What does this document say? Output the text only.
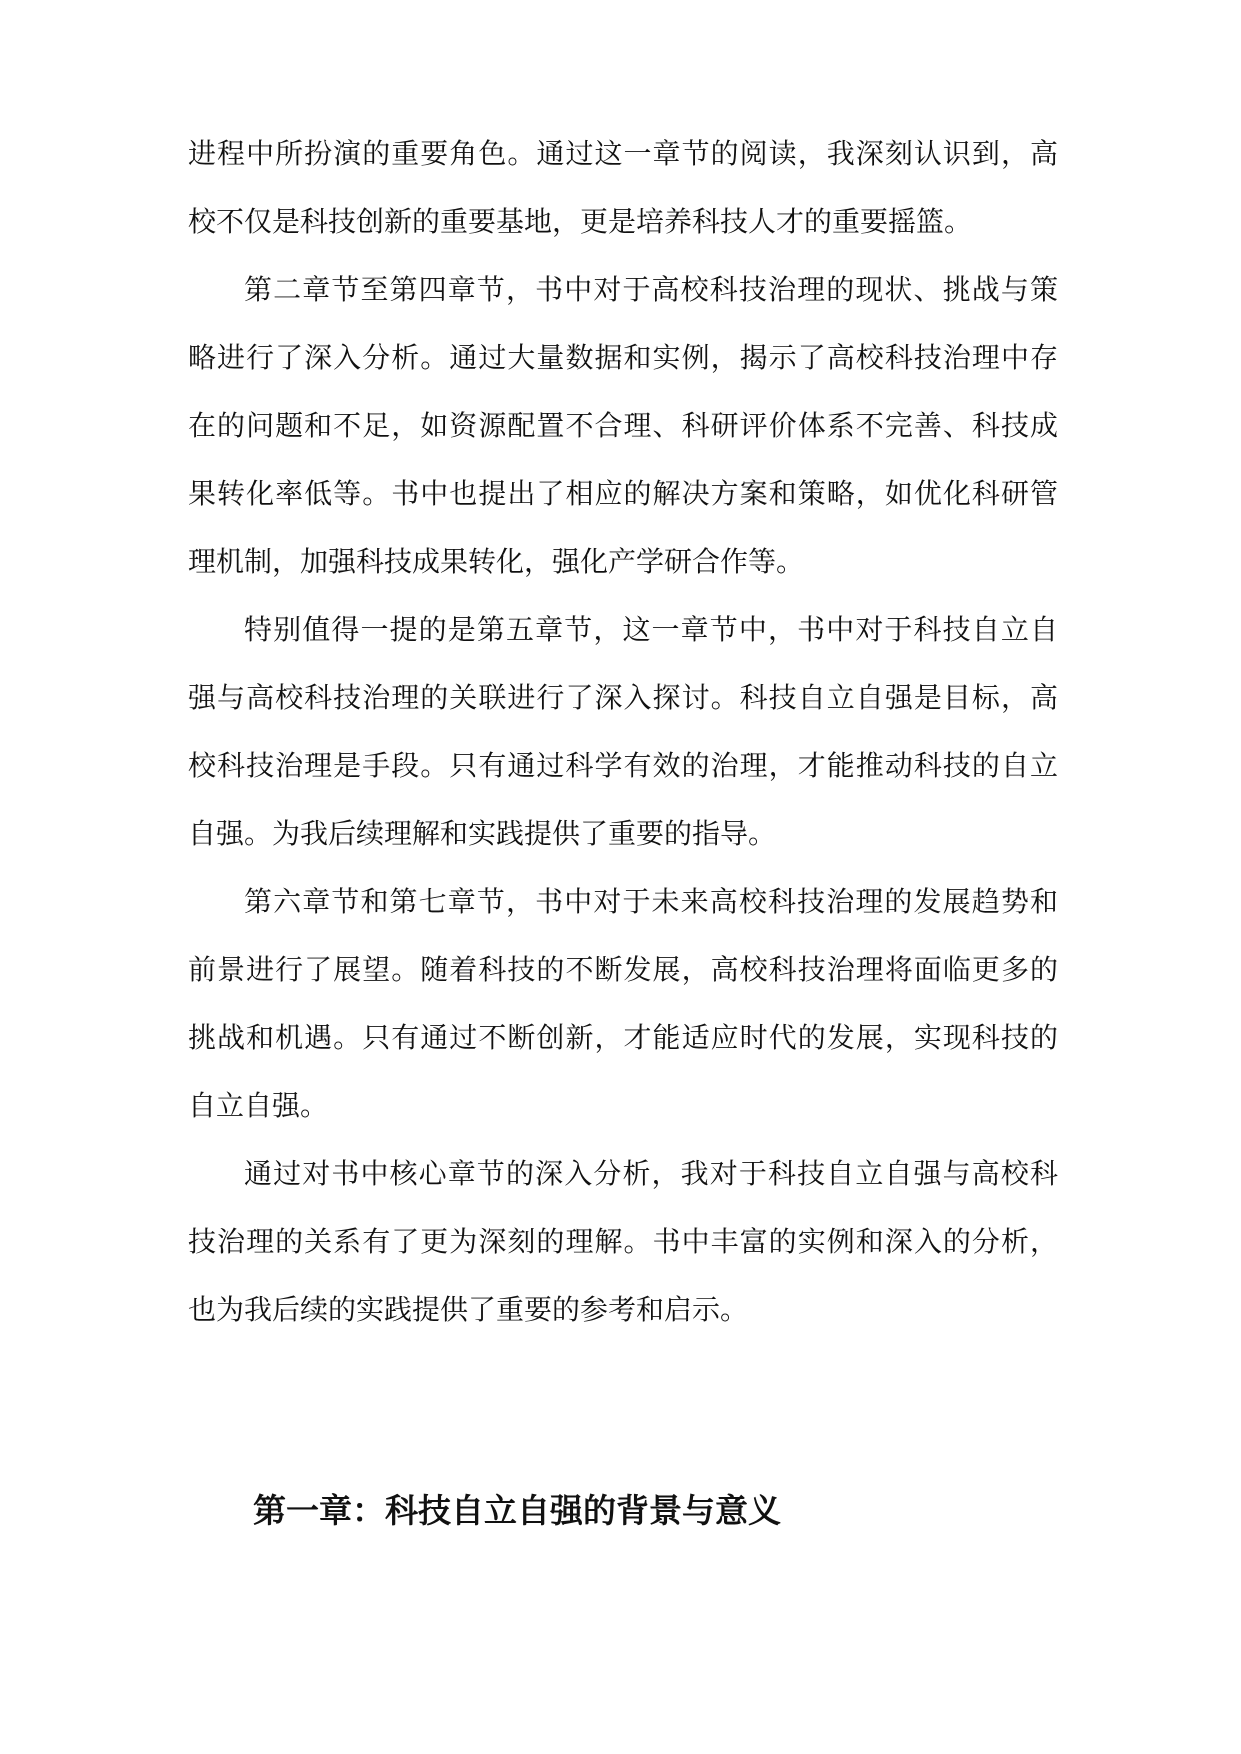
进程中所扮演的重要角色。通过这一章节的阅读，我深刻认识到，高
校不仅是科技创新的重要基地，更是培养科技人才的重要摇篮。
第二章节至第四章节，书中对于高校科技治理的现状、挑战与策
略进行了深入分析。通过大量数据和实例，揭示了高校科技治理中存
在的问题和不足，如资源配置不合理、科研评价体系不完善、科技成
果转化率低等。书中也提出了相应的解决方案和策略，如优化科研管
理机制，加强科技成果转化，强化产学研合作等。
特别值得一提的是第五章节，这一章节中，书中对于科技自立自
强与高校科技治理的关联进行了深入探讨。科技自立自强是目标，高
校科技治理是手段。只有通过科学有效的治理，才能推动科技的自立
自强。为我后续理解和实践提供了重要的指导。
第六章节和第七章节，书中对于未来高校科技治理的发展趋势和
前景进行了展望。随着科技的不断发展，高校科技治理将面临更多的
挑战和机遇。只有通过不断创新，才能适应时代的发展，实现科技的
自立自强。
通过对书中核心章节的深入分析，我对于科技自立自强与高校科
技治理的关系有了更为深刻的理解。书中丰富的实例和深入的分析，
也为我后续的实践提供了重要的参考和启示。
第一章：科技自立自强的背景与意义
